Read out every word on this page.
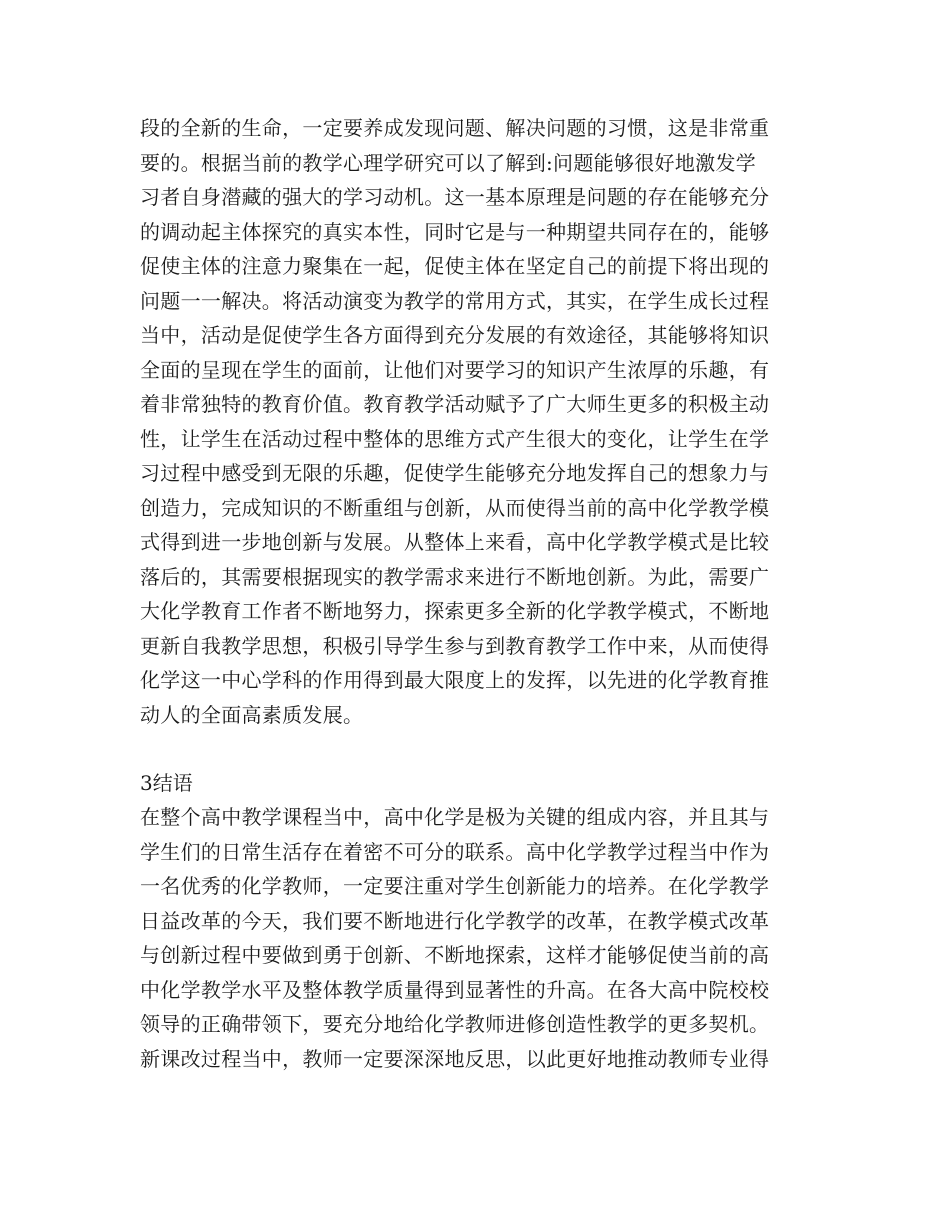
段的全新的生命，一定要养成发现问题、解决问题的习惯，这是非常重
要的。根据当前的教学心理学研究可以了解到:问题能够很好地激发学
习者自身潜藏的强大的学习动机。这一基本原理是问题的存在能够充分
的调动起主体探究的真实本性，同时它是与一种期望共同存在的，能够
促使主体的注意力聚集在一起，促使主体在坚定自己的前提下将出现的
问题一一解决。将活动演变为教学的常用方式，其实，在学生成长过程
当中，活动是促使学生各方面得到充分发展的有效途径，其能够将知识
全面的呈现在学生的面前，让他们对要学习的知识产生浓厚的乐趣，有
着非常独特的教育价值。教育教学活动赋予了广大师生更多的积极主动
性，让学生在活动过程中整体的思维方式产生很大的变化，让学生在学
习过程中感受到无限的乐趣，促使学生能够充分地发挥自己的想象力与
创造力，完成知识的不断重组与创新，从而使得当前的高中化学教学模
式得到进一步地创新与发展。从整体上来看，高中化学教学模式是比较
落后的，其需要根据现实的教学需求来进行不断地创新。为此，需要广
大化学教育工作者不断地努力，探索更多全新的化学教学模式，不断地
更新自我教学思想，积极引导学生参与到教育教学工作中来，从而使得
化学这一中心学科的作用得到最大限度上的发挥，以先进的化学教育推
动人的全面高素质发展。
3结语
在整个高中教学课程当中，高中化学是极为关键的组成内容，并且其与
学生们的日常生活存在着密不可分的联系。高中化学教学过程当中作为
一名优秀的化学教师，一定要注重对学生创新能力的培养。在化学教学
日益改革的今天，我们要不断地进行化学教学的改革，在教学模式改革
与创新过程中要做到勇于创新、不断地探索，这样才能够促使当前的高
中化学教学水平及整体教学质量得到显著性的升高。在各大高中院校校
领导的正确带领下，要充分地给化学教师进修创造性教学的更多契机。
新课改过程当中，教师一定要深深地反思，以此更好地推动教师专业得
